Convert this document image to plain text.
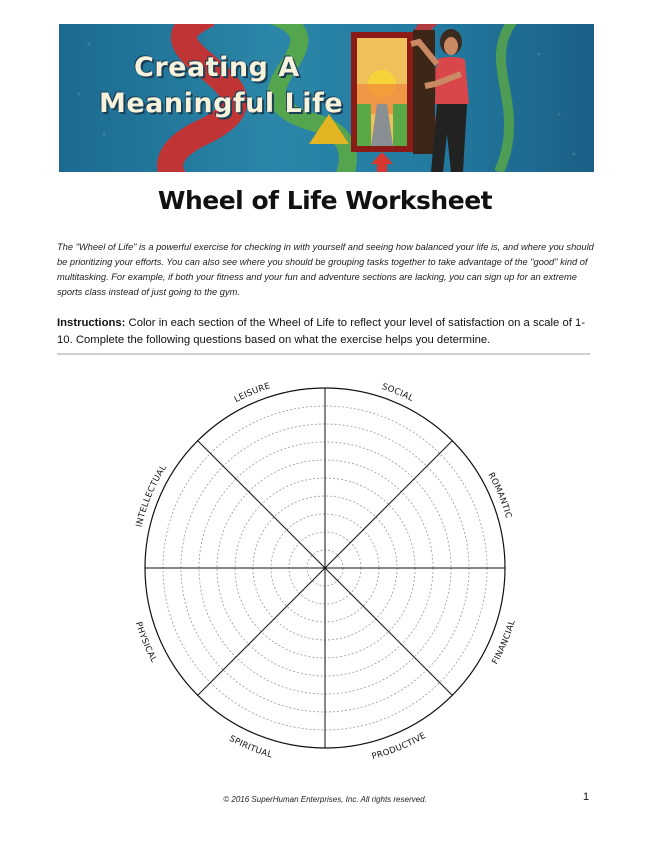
Creating A
Meaningful Life
Wheel of Life Worksheet
The "Wheel of Life" is a powerful exercise for checking in with yourself and seeing how balanced your life is, and where you should be prioritizing your efforts. You can also see where you should be grouping tasks together to take advantage of the "good" kind of multitasking. For example, if both your fitness and your fun and adventure sections are lacking, you can sign up for an extreme sports class instead of just going to the gym.
Instructions: Color in each section of the Wheel of Life to reflect your level of satisfaction on a scale of 1-10. Complete the following questions based on what the exercise helps you determine.
LEISURE	SOCIAL
ROMANTIC
FINANCIAL
PRODUCTIVE
SPIRITUAL
PHYSICAL
INTELLECTUAL
© 2016 SuperHuman Enterprises, Inc. All rights reserved.	1
